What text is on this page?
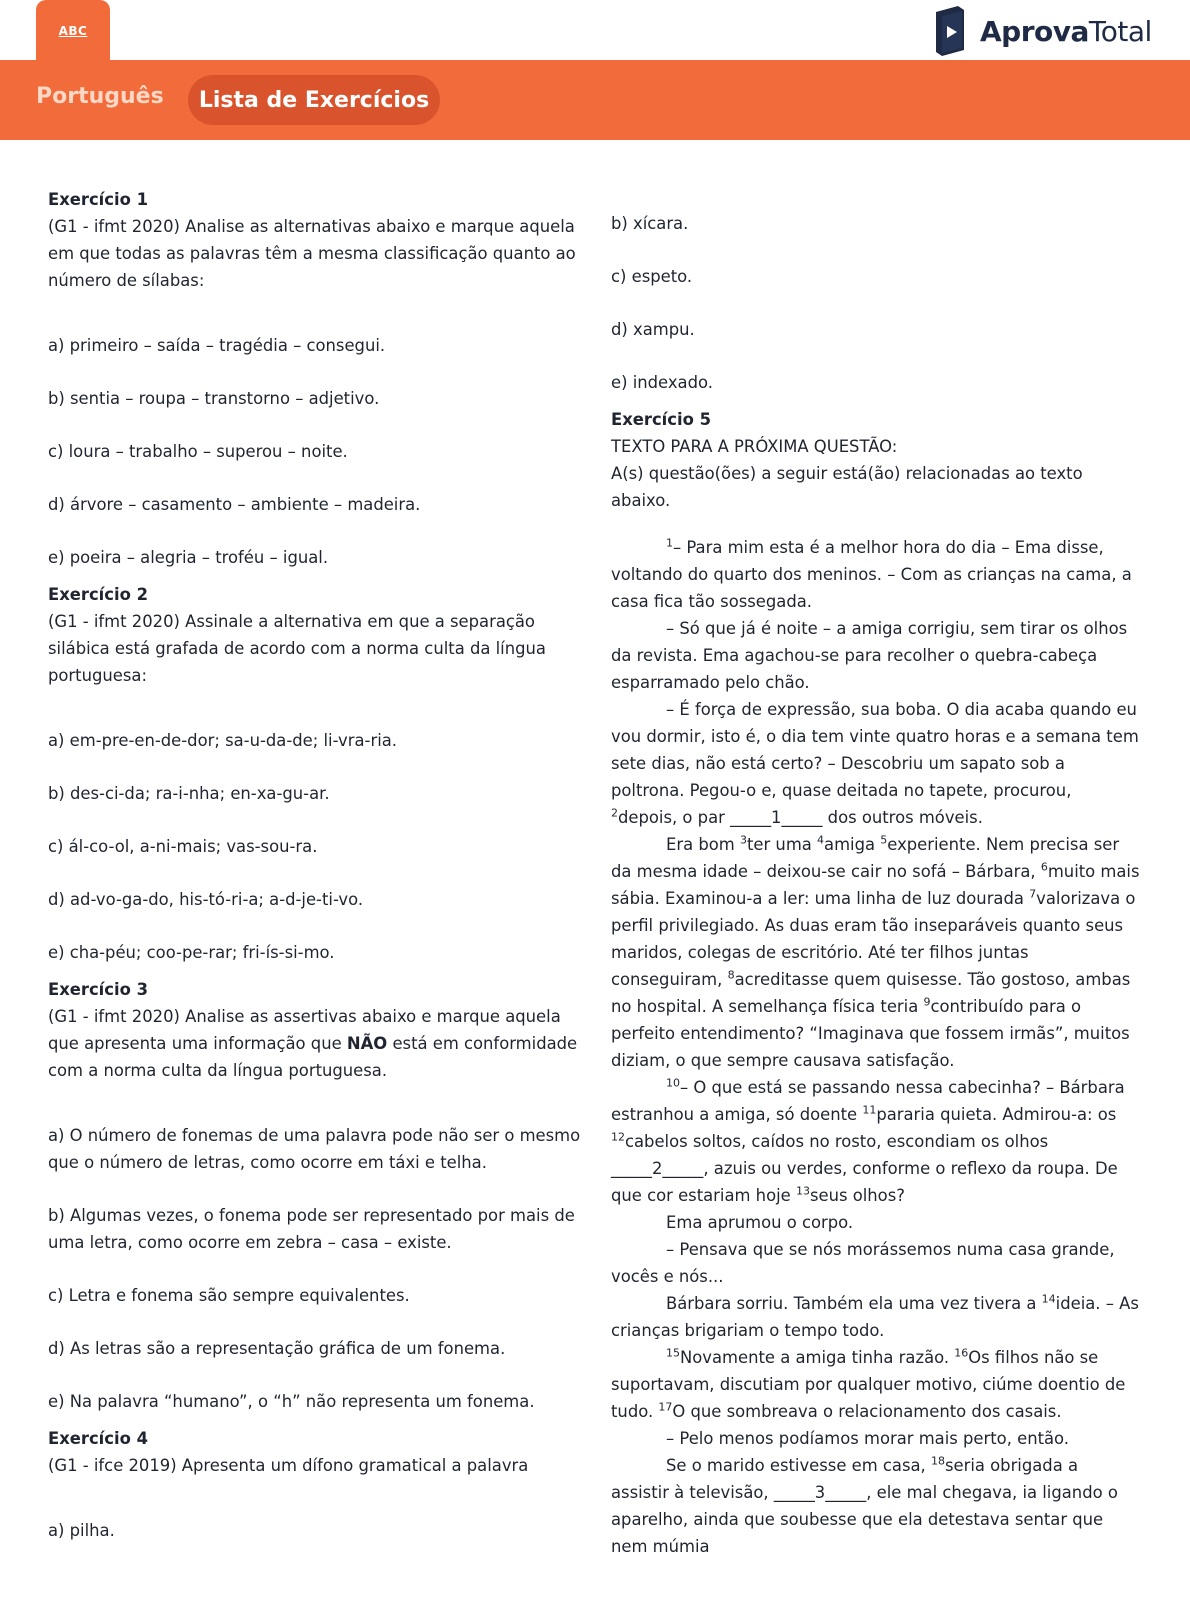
ABC	AprovaTotal
Português	Lista de Exercícios

Exercício 1

(G1 - ifmt 2020) Analise as alternativas abaixo e marque aquela em que todas as palavras têm a mesma classificação quanto ao número de sílabas:

a) primeiro – saída – tragédia – consegui.

b) sentia – roupa – transtorno – adjetivo.

c) loura – trabalho – superou – noite.

d) árvore – casamento – ambiente – madeira.

e) poeira – alegria – troféu – igual.

Exercício 2

(G1 - ifmt 2020) Assinale a alternativa em que a separação silábica está grafada de acordo com a norma culta da língua portuguesa:

a) em-pre-en-de-dor; sa-u-da-de; li-vra-ria.

b) des-ci-da; ra-i-nha; en-xa-gu-ar.

c) ál-co-ol, a-ni-mais; vas-sou-ra.

d) ad-vo-ga-do, his-tó-ri-a; a-d-je-ti-vo.

e) cha-péu; coo-pe-rar; fri-ís-si-mo.

Exercício 3

(G1 - ifmt 2020) Analise as assertivas abaixo e marque aquela que apresenta uma informação que NÃO está em conformidade com a norma culta da língua portuguesa.

a) O número de fonemas de uma palavra pode não ser o mesmo que o número de letras, como ocorre em táxi e telha.

b) Algumas vezes, o fonema pode ser representado por mais de uma letra, como ocorre em zebra – casa – existe.

c) Letra e fonema são sempre equivalentes.

d) As letras são a representação gráfica de um fonema.

e) Na palavra “humano”, o “h” não representa um fonema.

Exercício 4

(G1 - ifce 2019) Apresenta um dífono gramatical a palavra

a) pilha.

b) xícara.

c) espeto.

d) xampu.

e) indexado.

Exercício 5

TEXTO PARA A PRÓXIMA QUESTÃO:

A(s) questão(ões) a seguir está(ão) relacionadas ao texto abaixo.

$^1$– Para mim esta é a melhor hora do dia – Ema disse, voltando do quarto dos meninos. – Com as crianças na cama, a casa fica tão sossegada.

– Só que já é noite – a amiga corrigiu, sem tirar os olhos da revista. Ema agachou-se para recolher o quebra-cabeça esparramado pelo chão.

– É força de expressão, sua boba. O dia acaba quando eu vou dormir, isto é, o dia tem vinte quatro horas e a semana tem sete dias, não está certo? – Descobriu um sapato sob a poltrona. Pegou-o e, quase deitada no tapete, procurou, $^2$depois, o par _____1_____ dos outros móveis.

Era bom $^3$ter uma $^4$amiga $^5$experiente. Nem precisa ser da mesma idade – deixou-se cair no sofá – Bárbara, $^6$muito mais sábia. Examinou-a a ler: uma linha de luz dourada $^7$valorizava o perfil privilegiado. As duas eram tão inseparáveis quanto seus maridos, colegas de escritório. Até ter filhos juntas conseguiram, $^8$acreditasse quem quisesse. Tão gostoso, ambas no hospital. A semelhança física teria $^9$contribuído para o perfeito entendimento? “Imaginava que fossem irmãs”, muitos diziam, o que sempre causava satisfação.

$^{10}$– O que está se passando nessa cabecinha? – Bárbara estranhou a amiga, só doente $^{11}$pararia quieta. Admirou-a: os $^{12}$cabelos soltos, caídos no rosto, escondiam os olhos _____2_____, azuis ou verdes, conforme o reflexo da roupa. De que cor estariam hoje $^{13}$seus olhos?

Ema aprumou o corpo.

– Pensava que se nós morássemos numa casa grande, vocês e nós...

Bárbara sorriu. Também ela uma vez tivera a $^{14}$ideia. – As crianças brigariam o tempo todo.

$^{15}$Novamente a amiga tinha razão. $^{16}$Os filhos não se suportavam, discutiam por qualquer motivo, ciúme doentio de tudo. $^{17}$O que sombreava o relacionamento dos casais.

– Pelo menos podíamos morar mais perto, então.

Se o marido estivesse em casa, $^{18}$seria obrigada a assistir à televisão, _____3_____, ele mal chegava, ia ligando o aparelho, ainda que soubesse que ela detestava sentar que nem múmia
